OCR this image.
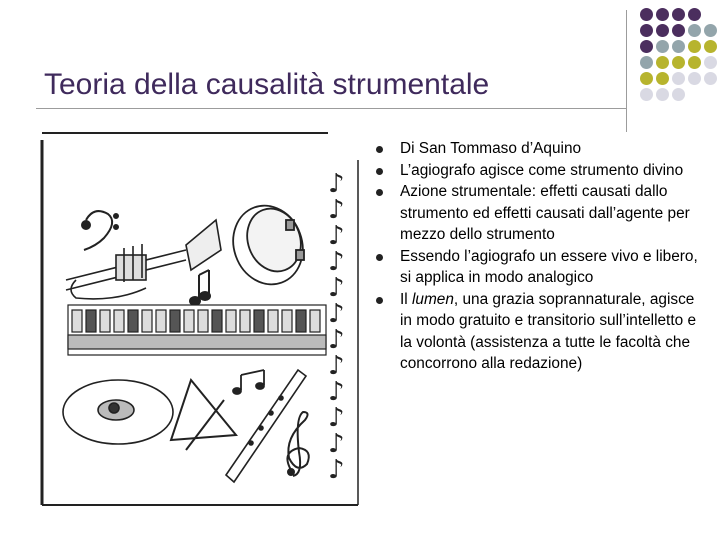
Teoria della causalità strumentale
♪
♪
♪
♪
♪
♪
♪
♪
♪
♪
♪
♪
Di San Tommaso d’Aquino
L’agiografo agisce come strumento divino
Azione strumentale: effetti causati dallo strumento ed effetti causati dall’agente per mezzo dello strumento
Essendo l’agiografo un essere vivo e libero, si applica in modo analogico
Il lumen, una grazia soprannaturale, agisce in modo gratuito e transitorio sull’intelletto e la volontà (assistenza a tutte le facoltà che concorrono alla redazione)
